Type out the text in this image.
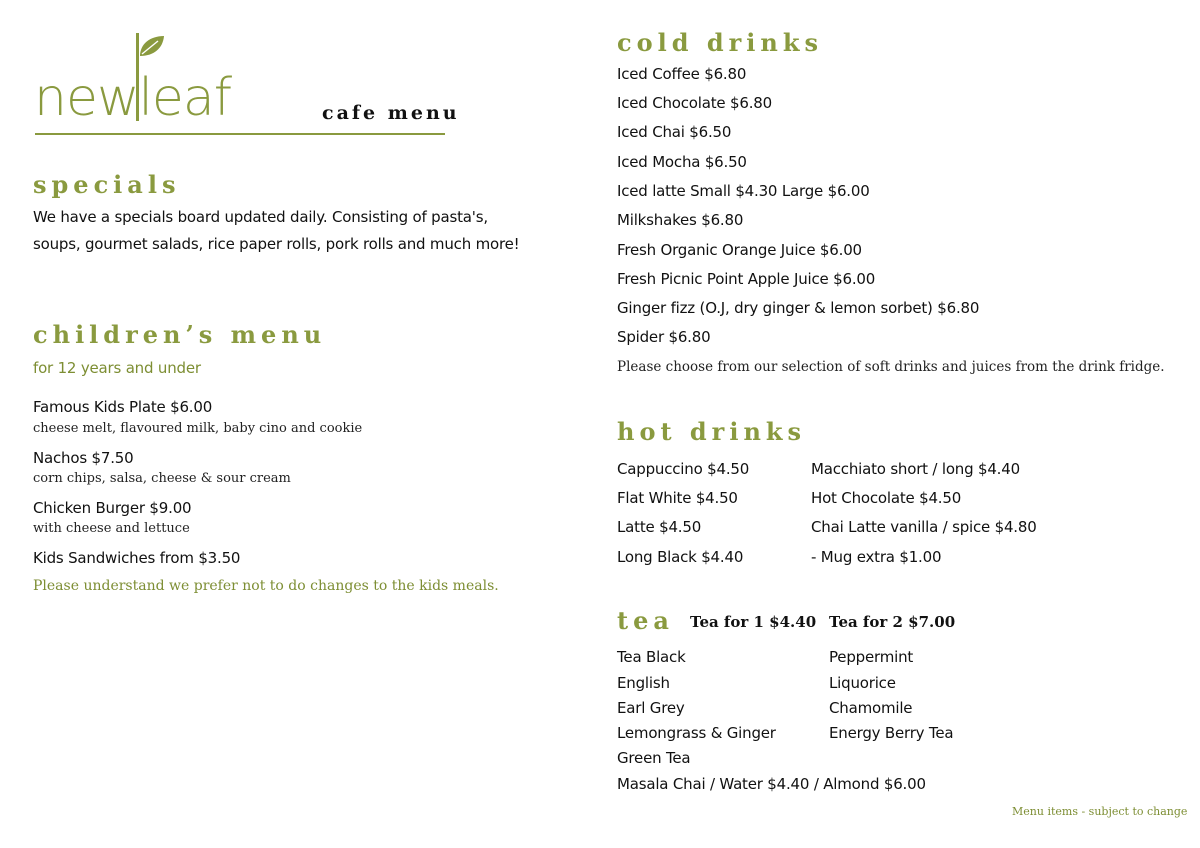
newleaf	cafe menu
specials
We have a specials board updated daily. Consisting of pasta's,
soups, gourmet salads, rice paper rolls, pork rolls and much more!
children’s menu
for 12 years and under
Famous Kids Plate $6.00
cheese melt, flavoured milk, baby cino and cookie
Nachos $7.50
corn chips, salsa, cheese & sour cream
Chicken Burger $9.00
with cheese and lettuce
Kids Sandwiches from $3.50
Please understand we prefer not to do changes to the kids meals.
cold drinks
Iced Coffee $6.80
Iced Chocolate $6.80
Iced Chai $6.50
Iced Mocha $6.50
Iced latte Small $4.30 Large $6.00
Milkshakes $6.80
Fresh Organic Orange Juice $6.00
Fresh Picnic Point Apple Juice $6.00
Ginger fizz (O.J, dry ginger & lemon sorbet) $6.80
Spider $6.80
Please choose from our selection of soft drinks and juices from the drink fridge.
hot drinks
Cappuccino $4.50
Flat White $4.50
Latte $4.50
Long Black $4.40
Macchiato short / long $4.40
Hot Chocolate $4.50
Chai Latte vanilla / spice $4.80
- Mug extra $1.00
tea Tea for 1 $4.40 Tea for 2 $7.00
Tea Black
English
Earl Grey
Lemongrass & Ginger
Green Tea
Peppermint
Liquorice
Chamomile
Energy Berry Tea
Masala Chai / Water $4.40 / Almond $6.00
Menu items - subject to change
